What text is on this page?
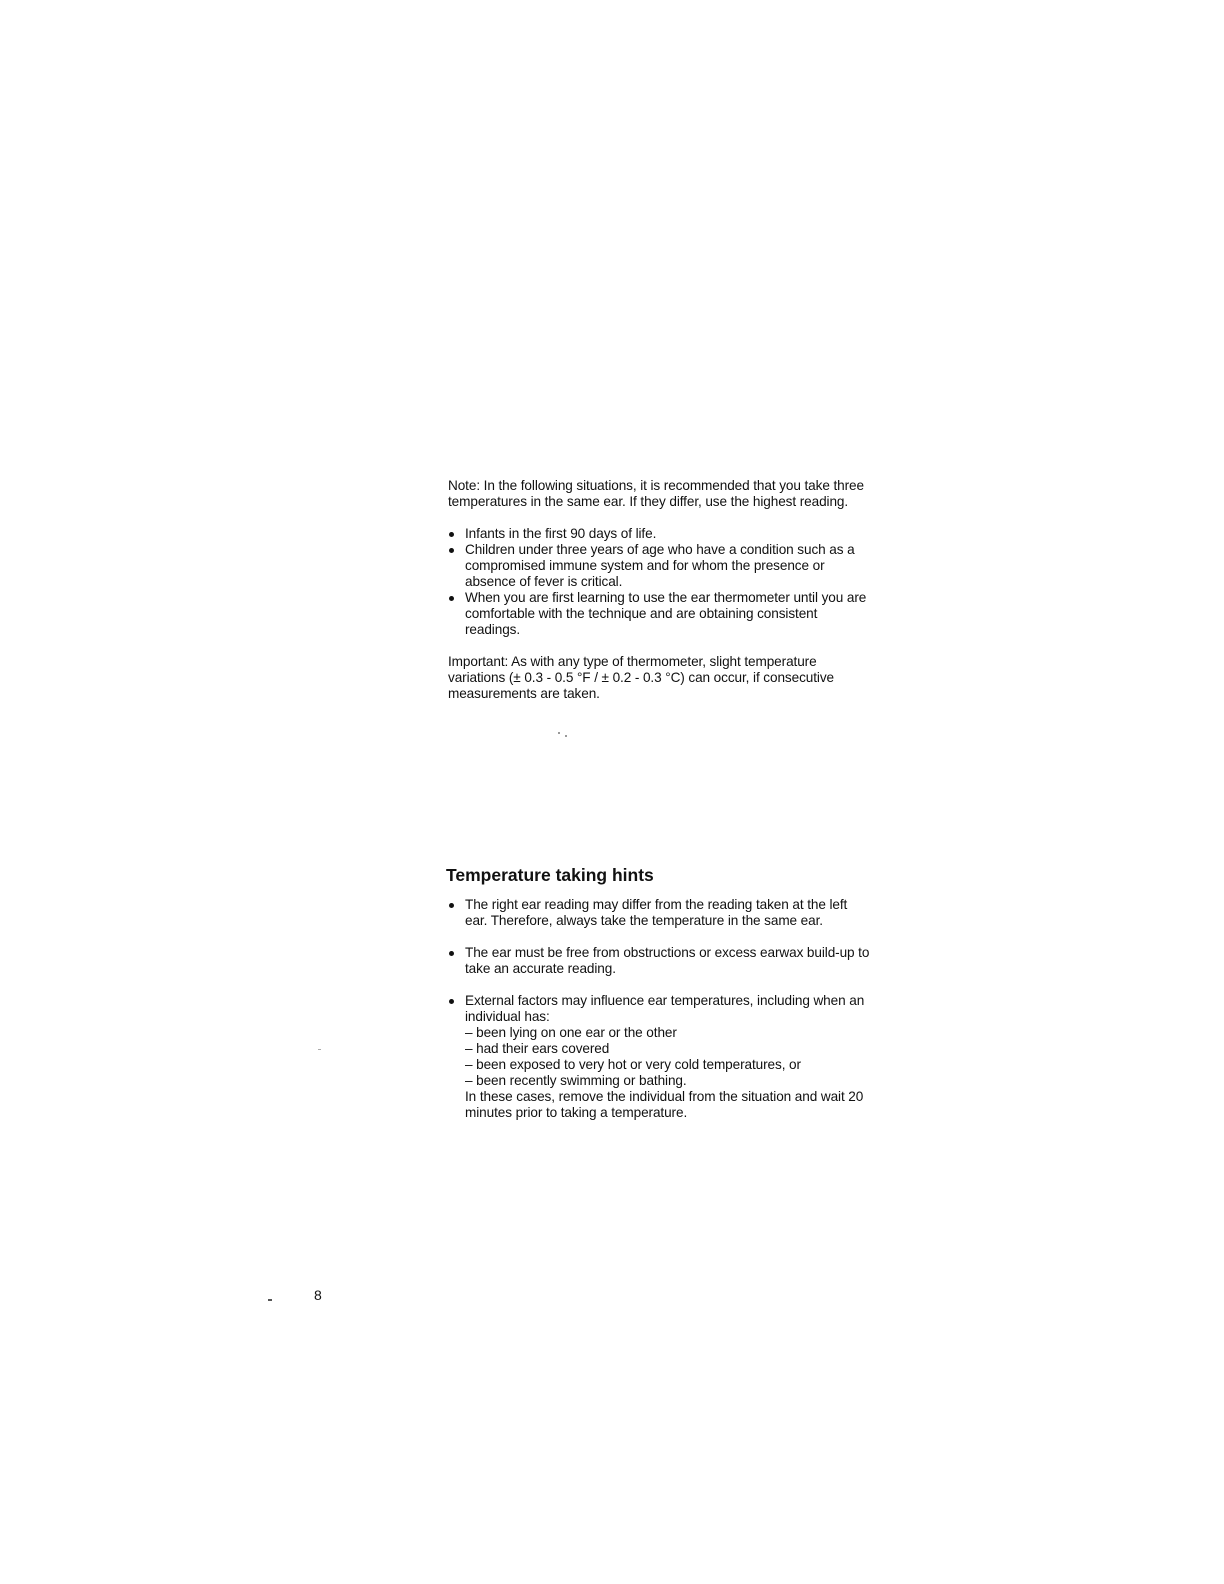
Note: In the following situations, it is recommended that you take three temperatures in the same ear. If they differ, use the highest reading.

Infants in the first 90 days of life.
Children under three years of age who have a condition such as a compromised immune system and for whom the presence or absence of fever is critical.
When you are first learning to use the ear thermometer until you are comfortable with the technique and are obtaining consistent readings.

Important: As with any type of thermometer, slight temperature variations (± 0.3 - 0.5 °F / ± 0.2 - 0.3 °C) can occur, if consecutive measurements are taken.

Temperature taking hints
The right ear reading may differ from the reading taken at the left ear. Therefore, always take the temperature in the same ear.
The ear must be free from obstructions or excess earwax build-up to take an accurate reading.
External factors may influence ear temperatures, including when an individual has:
– been lying on one ear or the other
– had their ears covered
– been exposed to very hot or very cold temperatures, or
– been recently swimming or bathing.
In these cases, remove the individual from the situation and wait 20 minutes prior to taking a temperature.
8
